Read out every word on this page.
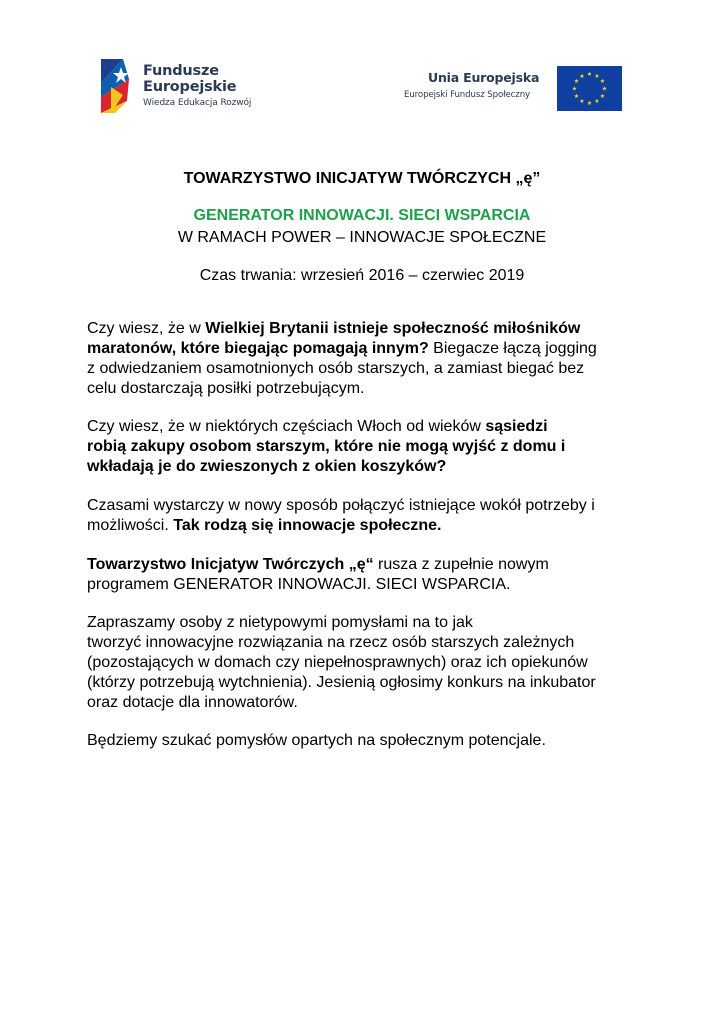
Fundusze
Europejskie
Wiedza Edukacja Rozwój
Unia Europejska
Europejski Fundusz Społeczny
★ ★
★
★
★
★
★
★
★
★
★
★
TOWARZYSTWO INICJATYW TWÓRCZYCH „ę”
GENERATOR INNOWACJI. SIECI WSPARCIA
W RAMACH POWER – INNOWACJE SPOŁECZNE
Czas trwania: wrzesień 2016 – czerwiec 2019
Czy wiesz, że w Wielkiej Brytanii istnieje społeczność miłośników
maratonów, które biegając pomagają innym? Biegacze łączą jogging
z odwiedzaniem osamotnionych osób starszych, a zamiast biegać bez
celu dostarczają posiłki potrzebującym.
Czy wiesz, że w niektórych częściach Włoch od wieków sąsiedzi
robią zakupy osobom starszym, które nie mogą wyjść z domu i
wkładają je do zwieszonych z okien koszyków?
Czasami wystarczy w nowy sposób połączyć istniejące wokół potrzeby i
możliwości. Tak rodzą się innowacje społeczne.
Towarzystwo Inicjatyw Twórczych „ę“ rusza z zupełnie nowym
programem GENERATOR INNOWACJI. SIECI WSPARCIA.
Zapraszamy osoby z nietypowymi pomysłami na to jak
tworzyć innowacyjne rozwiązania na rzecz osób starszych zależnych
(pozostających w domach czy niepełnosprawnych) oraz ich opiekunów
(którzy potrzebują wytchnienia). Jesienią ogłosimy konkurs na inkubator
oraz dotacje dla innowatorów.
Będziemy szukać pomysłów opartych na społecznym potencjale.
